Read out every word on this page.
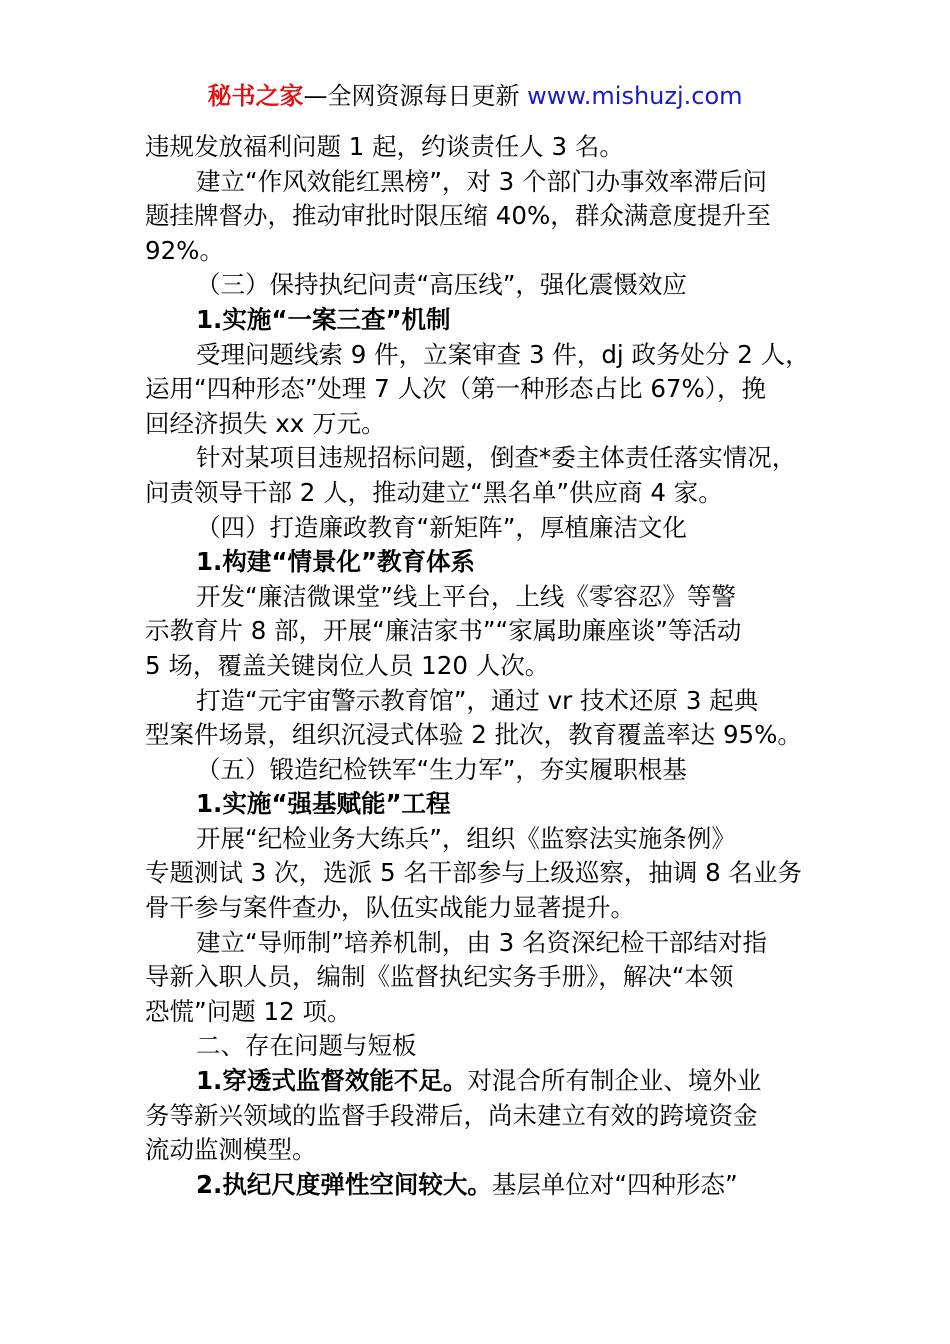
秘书之家—全网资源每日更新 www.mishuzj.com
违规发放福利问题 1 起，约谈责任人 3 名。
建立“作风效能红黑榜”，对 3 个部门办事效率滞后问
题挂牌督办，推动审批时限压缩 40%，群众满意度提升至
92%。
（三）保持执纪问责“高压线”，强化震慑效应
1.实施“一案三查”机制
受理问题线索 9 件，立案审查 3 件，dj 政务处分 2 人，
运用“四种形态”处理 7 人次（第一种形态占比 67%），挽
回经济损失 xx 万元。
针对某项目违规招标问题，倒查*委主体责任落实情况，
问责领导干部 2 人，推动建立“黑名单”供应商 4 家。
（四）打造廉政教育“新矩阵”，厚植廉洁文化
1.构建“情景化”教育体系
开发“廉洁微课堂”线上平台，上线《零容忍》等警
示教育片 8 部，开展“廉洁家书”“家属助廉座谈”等活动
5 场，覆盖关键岗位人员 120 人次。
打造“元宇宙警示教育馆”，通过 vr 技术还原 3 起典
型案件场景，组织沉浸式体验 2 批次，教育覆盖率达 95%。
（五）锻造纪检铁军“生力军”，夯实履职根基
1.实施“强基赋能”工程
开展“纪检业务大练兵”，组织《监察法实施条例》
专题测试 3 次，选派 5 名干部参与上级巡察，抽调 8 名业务
骨干参与案件查办，队伍实战能力显著提升。
建立“导师制”培养机制，由 3 名资深纪检干部结对指
导新入职人员，编制《监督执纪实务手册》，解决“本领
恐慌”问题 12 项。
二、存在问题与短板
1.穿透式监督效能不足。对混合所有制企业、境外业
务等新兴领域的监督手段滞后，尚未建立有效的跨境资金
流动监测模型。
2.执纪尺度弹性空间较大。基层单位对“四种形态”
